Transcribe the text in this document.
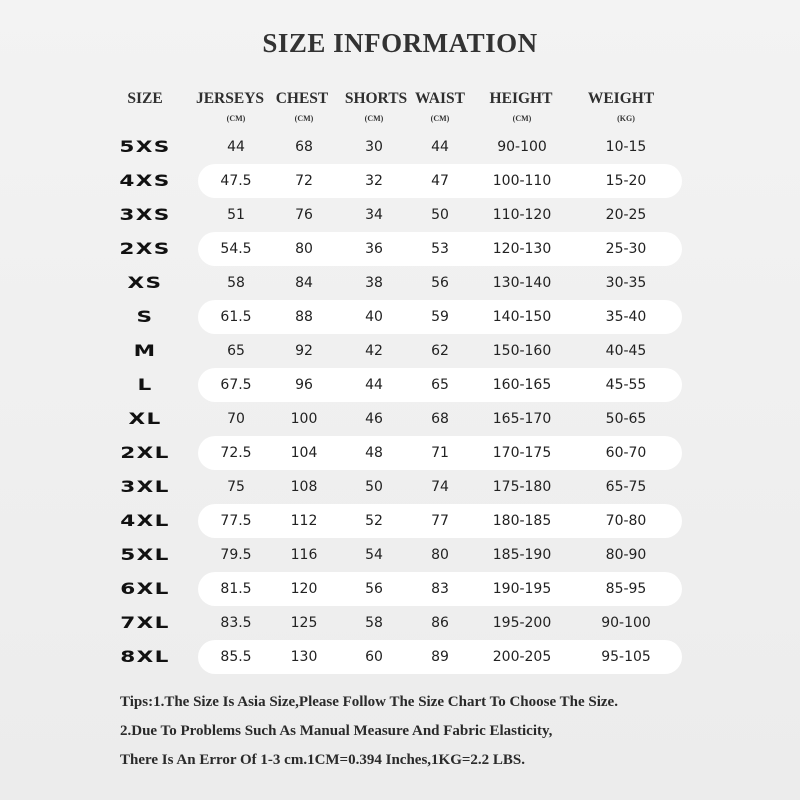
SIZE INFORMATION
SIZE JERSEYS CHEST SHORTS WAIST HEIGHT WEIGHT
(CM)	(CM)	(CM)	(CM)	(CM)	(KG)
5XS	44	68	30	44	90-100	10-15
4XS	47.5	72	32	47	100-110	15-20
3XS	51	76	34	50	110-120	20-25
2XS	54.5	80	36	53	120-130	25-30
XS	58	84	38	56	130-140	30-35
S	61.5	88	40	59	140-150	35-40
M	65	92	42	62	150-160	40-45
L	67.5	96	44	65	160-165	45-55
XL	70	100	46	68	165-170	50-65
2XL	72.5	104	48	71	170-175	60-70
3XL	75	108	50	74	175-180	65-75
4XL	77.5	112	52	77	180-185	70-80
5XL	79.5	116	54	80	185-190	80-90
6XL	81.5	120	56	83	190-195	85-95
7XL	83.5	125	58	86	195-200	90-100
8XL	85.5	130	60	89	200-205	95-105
Tips:1.The Size Is Asia Size,Please Follow The Size Chart To Choose The Size.
2.Due To Problems Such As Manual Measure And Fabric Elasticity,
There Is An Error Of 1-3 cm.1CM=0.394 Inches,1KG=2.2 LBS.
